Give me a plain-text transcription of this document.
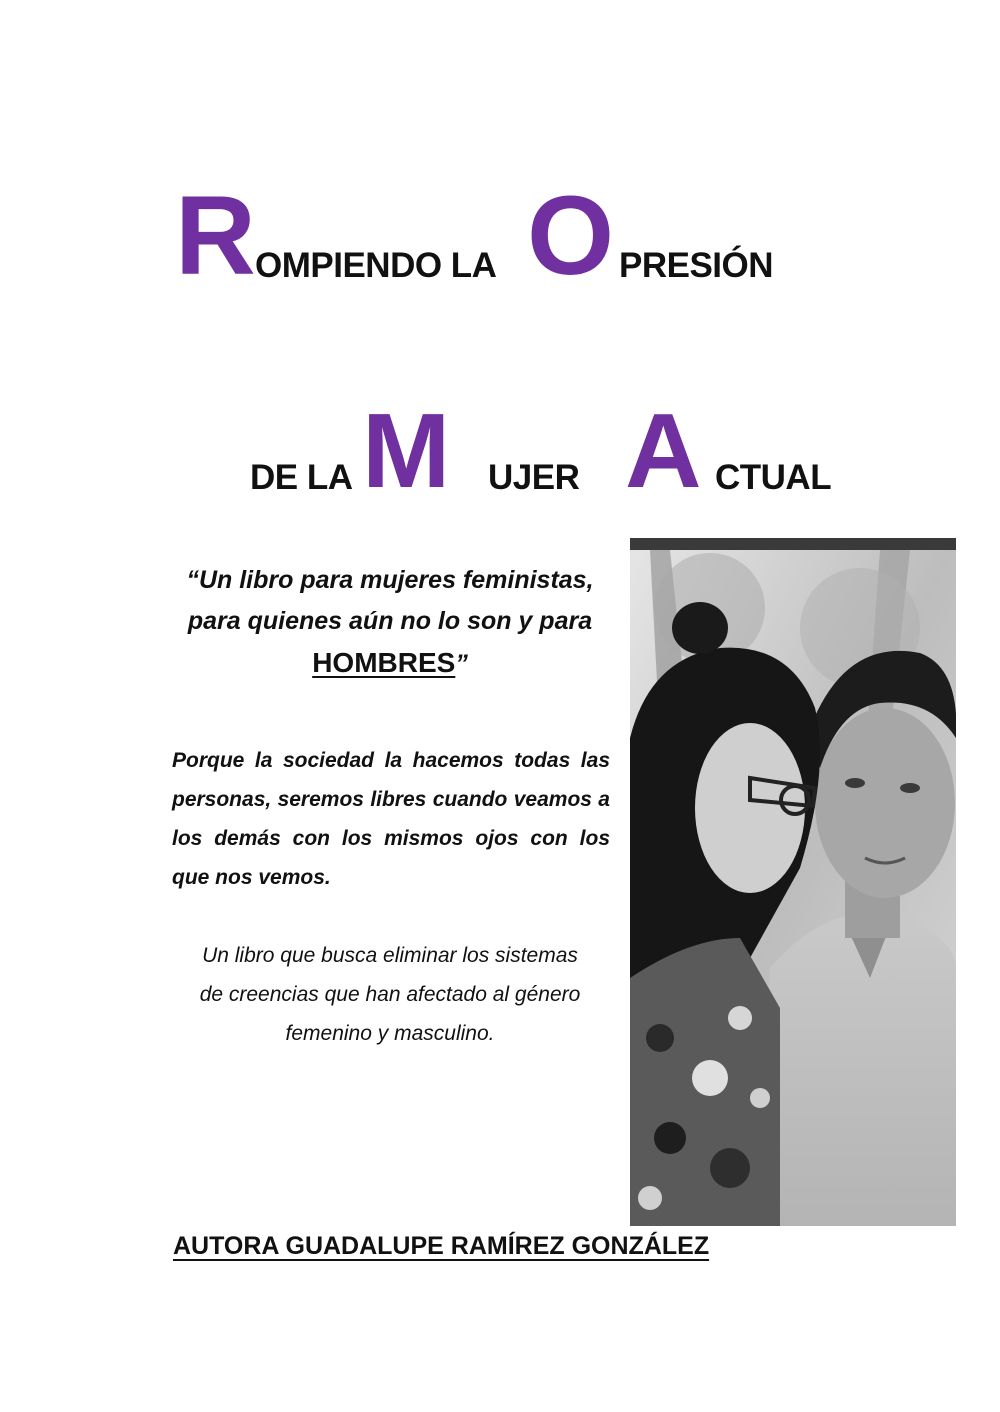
R OMPIENDO LA O PRESIÓN
DE LA M UJER A CTUAL
“Un libro para mujeres feministas,
para quienes aún no lo son y para
HOMBRES”
Porque la sociedad la hacemos todas las personas, seremos libres cuando veamos a los demás con los mismos ojos con los que nos vemos.
Un libro que busca eliminar los sistemas de creencias que han afectado al género femenino y masculino.
AUTORA GUADALUPE RAMÍREZ GONZÁLEZ
